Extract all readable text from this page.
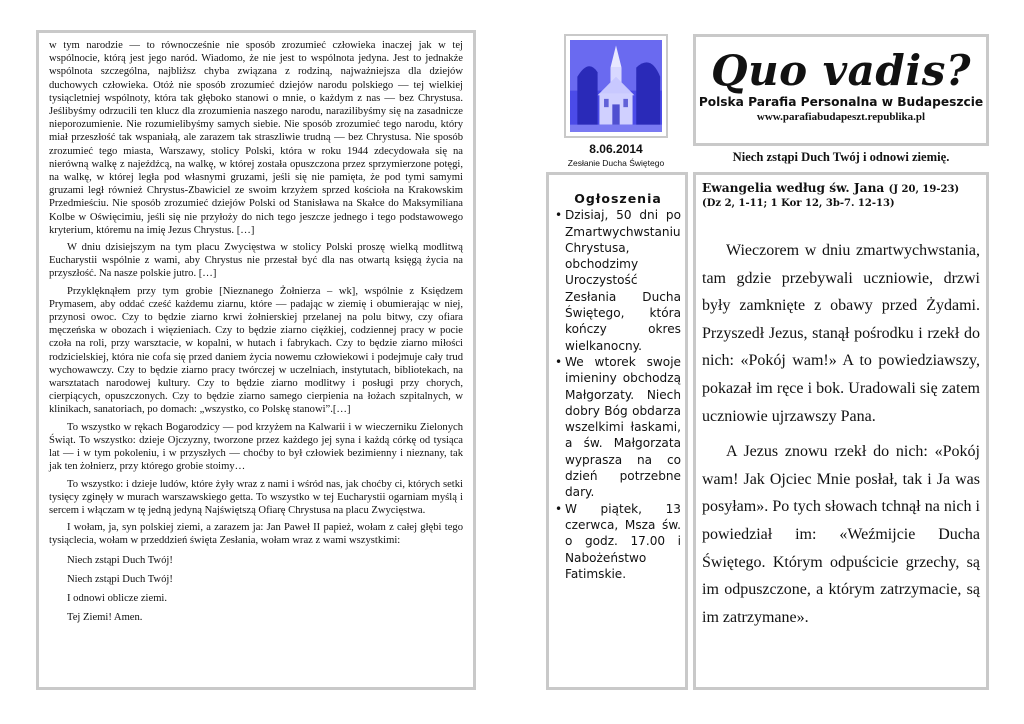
w tym narodzie — to równocześnie nie sposób zrozumieć człowieka inaczej jak w tej wspólnocie, którą jest jego naród. Wiadomo, że nie jest to wspólnota jedyna. Jest to jednakże wspólnota szczególna, najbliższ chyba związana z rodziną, najważniejsza dla dziejów duchowych człowieka. Otóż nie sposób zrozumieć dziejów narodu polskiego — tej wielkiej tysiącletniej wspólnoty, która tak głęboko stanowi o mnie, o każdym z nas — bez Chrystusa. Jeślibyśmy odrzucili ten klucz dla zrozumienia naszego narodu, narazilibyśmy się na zasadnicze nieporozumienie. Nie rozumielibyśmy samych siebie. Nie sposób zrozumieć tego narodu, który miał przeszłość tak wspaniałą, ale zarazem tak straszliwie trudną — bez Chrystusa. Nie sposób zrozumieć tego miasta, Warszawy, stolicy Polski, która w roku 1944 zdecydowała się na nierówną walkę z najeźdźcą, na walkę, w której została opuszczona przez sprzymierzone potęgi, na walkę, w której legła pod własnymi gruzami, jeśli się nie pamięta, że pod tymi samymi gruzami legł również Chrystus-Zbawiciel ze swoim krzyżem sprzed kościoła na Krakowskim Przedmieściu. Nie sposób zrozumieć dziejów Polski od Stanisława na Skałce do Maksymiliana Kolbe w Oświęcimiu, jeśli się nie przyłoży do nich tego jeszcze jednego i tego podstawowego kryterium, któremu na imię Jezus Chrystus. […]

W dniu dzisiejszym na tym placu Zwycięstwa w stolicy Polski proszę wielką modlitwą Eucharystii wspólnie z wami, aby Chrystus nie przestał być dla nas otwartą księgą życia na przyszłość. Na nasze polskie jutro. […]

Przyklęknąłem przy tym grobie [Nieznanego Żołnierza – wk], wspólnie z Księdzem Prymasem, aby oddać cześć każdemu ziarnu, które — padając w ziemię i obumierając w niej, przynosi owoc. Czy to będzie ziarno krwi żołnierskiej przelanej na polu bitwy, czy ofiara męczeńska w obozach i więzieniach. Czy to będzie ziarno ciężkiej, codziennej pracy w pocie czoła na roli, przy warsztacie, w kopalni, w hutach i fabrykach. Czy to będzie ziarno miłości rodzicielskiej, która nie cofa się przed daniem życia nowemu człowiekowi i podejmuje cały trud wychowawczy. Czy to będzie ziarno pracy twórczej w uczelniach, instytutach, bibliotekach, na warsztatach narodowej kultury. Czy to będzie ziarno modlitwy i posługi przy chorych, cierpiących, opuszczonych. Czy to będzie ziarno samego cierpienia na łożach szpitalnych, w klinikach, sanatoriach, po domach: „wszystko, co Polskę stanowi”.[…]

To wszystko w rękach Bogarodzicy — pod krzyżem na Kalwarii i w wieczerniku Zielonych Świąt. To wszystko: dzieje Ojczyzny, tworzone przez każdego jej syna i każdą córkę od tysiąca lat — i w tym pokoleniu, i w przyszłych — choćby to był człowiek bezimienny i nieznany, tak jak ten żołnierz, przy którego grobie stoimy…

To wszystko: i dzieje ludów, które żyły wraz z nami i wśród nas, jak choćby ci, których setki tysięcy zginęły w murach warszawskiego getta. To wszystko w tej Eucharystii ogarniam myślą i sercem i włączam w tę jedną jedyną Najświętszą Ofiarę Chrystusa na placu Zwycięstwa.

I wołam, ja, syn polskiej ziemi, a zarazem ja: Jan Paweł II papież, wołam z całej głębi tego tysiąclecia, wołam w przeddzień święta Zesłania, wołam wraz z wami wszystkimi:

Niech zstąpi Duch Twój!

Niech zstąpi Duch Twój!

I odnowi oblicze ziemi.

Tej Ziemi! Amen.

8.06.2014
Zesłanie Ducha Świętego
Ogłoszenia
• Dzisiaj, 50 dni po Zmartwychwstaniu Chrystusa, obchodzimy Uroczystość Zesłania Ducha Świętego, która kończy okres wielkanocny.
• We wtorek swoje imieniny obchodzą Małgorzaty. Niech dobry Bóg obdarza wszelkimi łaskami, a św. Małgorzata wyprasza na co dzień potrzebne dary.
• W piątek, 13 czerwca, Msza św. o godz. 17.00 i Nabożeństwo Fatimskie.
Quo vadis?
Polska Parafia Personalna w Budapeszcie
www.parafiabudapeszt.republika.pl
Niech zstąpi Duch Twój i odnowi ziemię.
Ewangelia według św. Jana (J 20, 19-23)
(Dz 2, 1-11; 1 Kor 12, 3b-7. 12-13)

Wieczorem w dniu zmartwychwstania, tam gdzie przebywali uczniowie, drzwi były zamknięte z obawy przed Żydami. Przyszedł Jezus, stanął pośrodku i rzekł do nich: «Pokój wam!» A to powiedziawszy, pokazał im ręce i bok. Uradowali się zatem uczniowie ujrzawszy Pana.

A Jezus znowu rzekł do nich: «Pokój wam! Jak Ojciec Mnie posłał, tak i Ja was posyłam». Po tych słowach tchnął na nich i powiedział im: «Weźmijcie Ducha Świętego. Którym odpuścicie grzechy, są im odpuszczone, a którym zatrzymacie, są im zatrzymane».
